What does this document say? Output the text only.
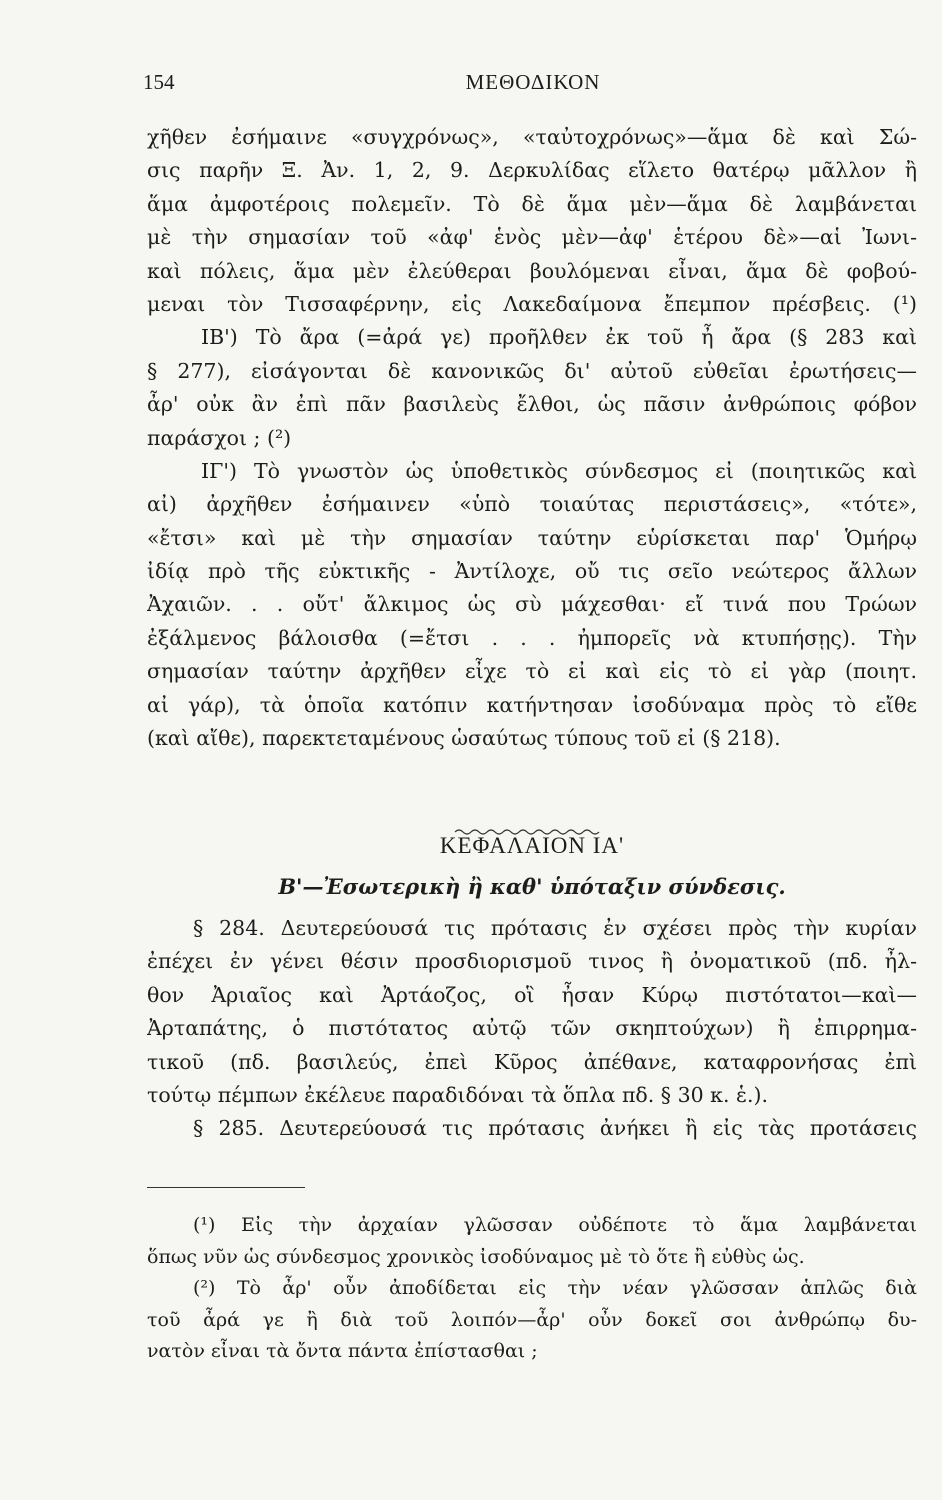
154	ΜΕΘΟΔΙΚΟΝ
χῆθεν ἐσήμαινε «συγχρόνως», «ταὐτοχρόνως»—ἅμα δὲ καὶ Σώ-
σις παρῆν Ξ. Ἀν. 1, 2, 9. Δερκυλίδας εἵλετο θατέρῳ μᾶλλον ἢ
ἅμα ἀμφοτέροις πολεμεῖν. Τὸ δὲ ἅμα μὲν—ἅμα δὲ λαμβάνεται
μὲ τὴν σημασίαν τοῦ «ἀφ' ἑνὸς μὲν—ἀφ' ἑτέρου δὲ»—αἱ Ἰωνι-
καὶ πόλεις, ἅμα μὲν ἐλεύθεραι βουλόμεναι εἶναι, ἅμα δὲ φοβού-
μεναι τὸν Τισσαφέρνην, εἰς Λακεδαίμονα ἔπεμπον πρέσβεις. (¹)
ΙΒ') Τὸ ἄρα (=ἀρά γε) προῆλθεν ἐκ τοῦ ἦ ἄρα (§ 283 καὶ
§ 277), εἰσάγονται δὲ κανονικῶς δι' αὐτοῦ εὐθεῖαι ἐρωτήσεις—
ἆρ' οὐκ ἂν ἐπὶ πᾶν βασιλεὺς ἔλθοι, ὡς πᾶσιν ἀνθρώποις φόβον
παράσχοι ; (²)
ΙΓ') Τὸ γνωστὸν ὡς ὑποθετικὸς σύνδεσμος εἰ (ποιητικῶς καὶ
αἰ) ἀρχῆθεν ἐσήμαινεν «ὑπὸ τοιαύτας περιστάσεις», «τότε»,
«ἔτσι» καὶ μὲ τὴν σημασίαν ταύτην εὑρίσκεται παρ' Ὁμήρῳ
ἰδίᾳ πρὸ τῆς εὐκτικῆς - Ἀντίλοχε, οὔ τις σεῖο νεώτερος ἄλλων
Ἀχαιῶν. . . οὔτ' ἄλκιμος ὡς σὺ μάχεσθαι· εἴ τινά που Τρώων
ἐξάλμενος βάλοισθα (=ἔτσι . . . ἠμπορεῖς νὰ κτυπήσῃς). Τὴν
σημασίαν ταύτην ἀρχῆθεν εἶχε τὸ εἰ καὶ εἰς τὸ εἰ γὰρ (ποιητ.
αἰ γάρ), τὰ ὁποῖα κατόπιν κατήντησαν ἰσοδύναμα πρὸς τὸ εἴθε
(καὶ αἴθε), παρεκτεταμένους ὡσαύτως τύπους τοῦ εἰ (§ 218).
ΚΕΦΑΛΑΙΟΝ ΙΑ'
Β'—Ἐσωτερικὴ ἢ καθ' ὑπόταξιν σύνδεσις.
§ 284. Δευτερεύουσά τις πρότασις ἐν σχέσει πρὸς τὴν κυρίαν
ἐπέχει ἐν γένει θέσιν προσδιορισμοῦ τινος ἢ ὀνοματικοῦ (πδ. ἦλ-
θον Ἀριαῖος καὶ Ἀρτάοζος, οἳ ἦσαν Κύρῳ πιστότατοι—καὶ—
Ἀρταπάτης, ὁ πιστότατος αὐτῷ τῶν σκηπτούχων) ἢ ἐπιρρημα-
τικοῦ (πδ. βασιλεύς, ἐπεὶ Κῦρος ἀπέθανε, καταφρονήσας ἐπὶ
τούτῳ πέμπων ἐκέλευε παραδιδόναι τὰ ὅπλα πδ. § 30 κ. ἑ.).
§ 285. Δευτερεύουσά τις πρότασις ἀνήκει ἢ εἰς τὰς προτάσεις
(¹) Εἰς τὴν ἀρχαίαν γλῶσσαν οὐδέποτε τὸ ἅμα λαμβάνεται
ὅπως νῦν ὡς σύνδεσμος χρονικὸς ἰσοδύναμος μὲ τὸ ὅτε ἢ εὐθὺς ὡς.
(²) Τὸ ἆρ' οὖν ἀποδίδεται εἰς τὴν νέαν γλῶσσαν ἁπλῶς διὰ
τοῦ ἆρά γε ἢ διὰ τοῦ λοιπόν—ἆρ' οὖν δοκεῖ σοι ἀνθρώπῳ δυ-
νατὸν εἶναι τὰ ὄντα πάντα ἐπίστασθαι ;
